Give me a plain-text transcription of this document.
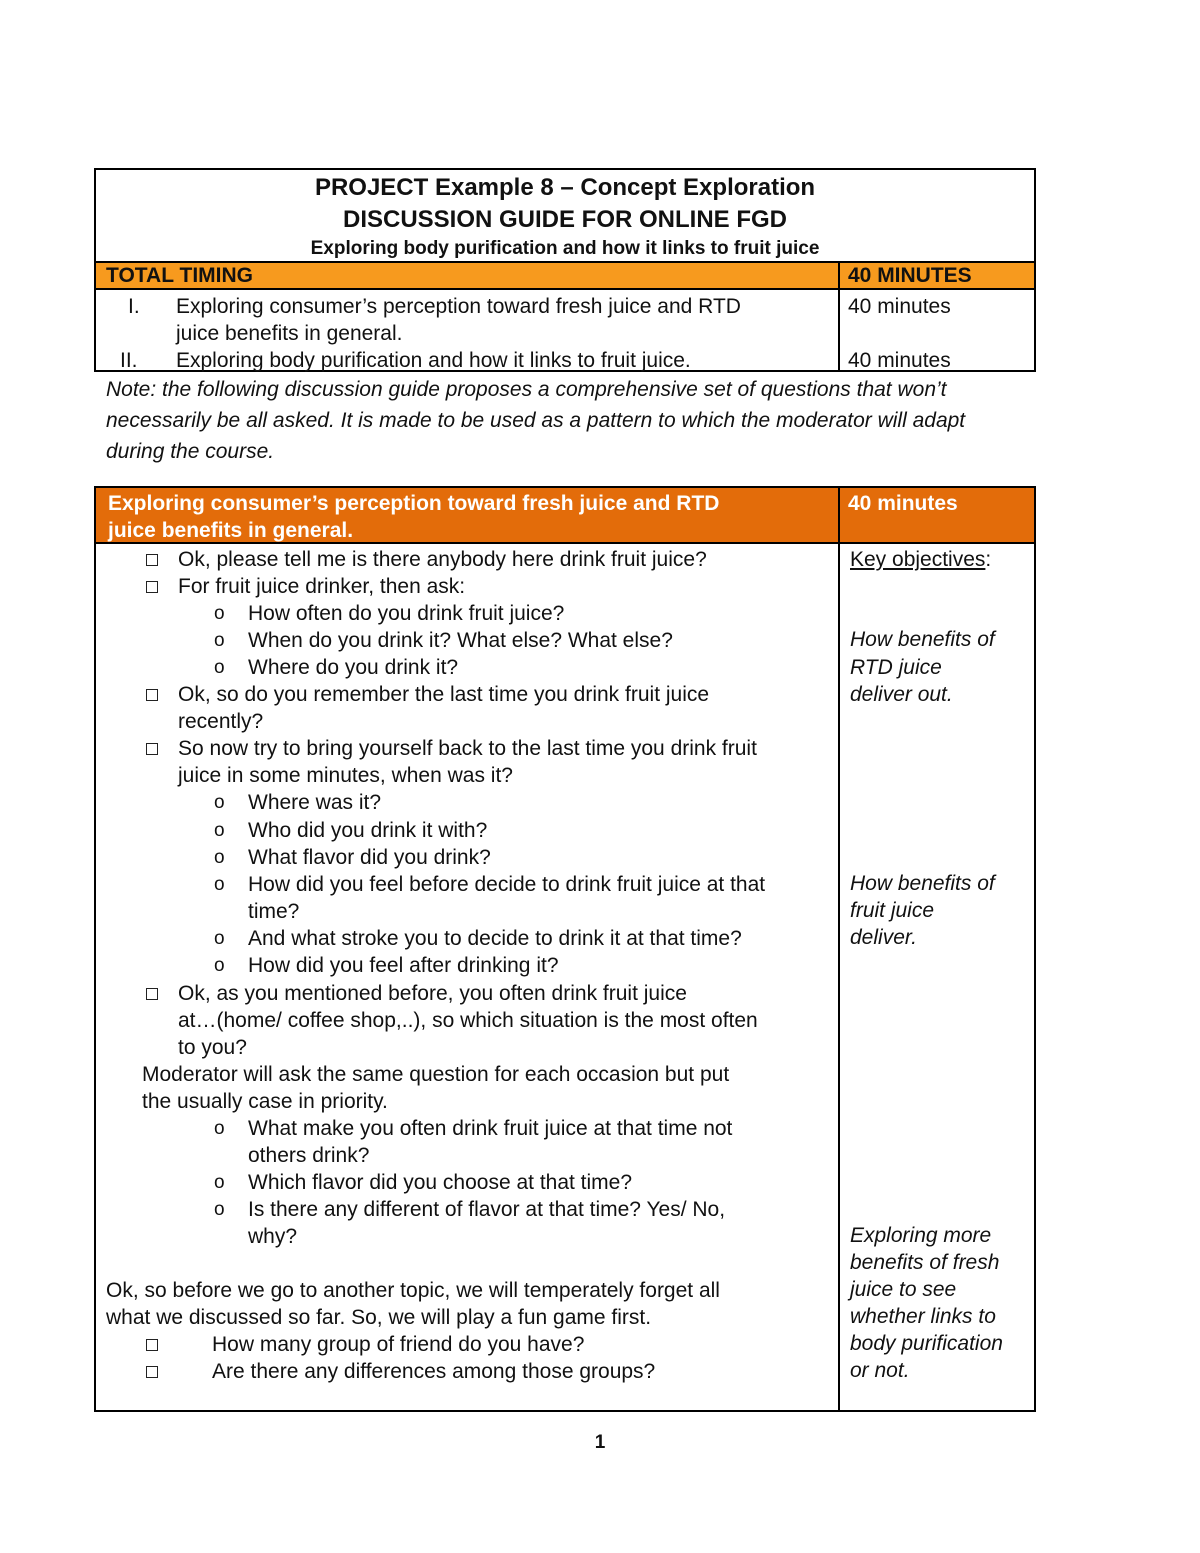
PROJECT Example 8 – Concept Exploration
DISCUSSION GUIDE FOR ONLINE FGD
Exploring body purification and how it links to fruit juice
TOTAL TIMING	40 MINUTES
I. Exploring consumer’s perception toward fresh juice and RTD
juice benefits in general.
40 minutes
II. Exploring body purification and how it links to fruit juice.	40 minutes
Note: the following discussion guide proposes a comprehensive set of questions that won’t
necessarily be all asked. It is made to be used as a pattern to which the moderator will adapt
during the course.
Exploring consumer’s perception toward fresh juice and RTD
juice benefits in general.
40 minutes
Key objectives:
How benefits of
RTD juice
deliver out.
How benefits of
fruit juice
deliver.
Exploring more
benefits of fresh
juice to see
whether links to
body purification
or not.
Ok, please tell me is there anybody here drink fruit juice?
For fruit juice drinker, then ask:
o How often do you drink fruit juice?
o When do you drink it? What else? What else?
o Where do you drink it?
Ok, so do you remember the last time you drink fruit juice
recently?
So now try to bring yourself back to the last time you drink fruit
juice in some minutes, when was it?
o Where was it?
o Who did you drink it with?
o What flavor did you drink?
o How did you feel before decide to drink fruit juice at that
time?
o And what stroke you to decide to drink it at that time?
o How did you feel after drinking it?
Ok, as you mentioned before, you often drink fruit juice
at…(home/ coffee shop,..), so which situation is the most often
to you?
Moderator will ask the same question for each occasion but put
the usually case in priority.
o What make you often drink fruit juice at that time not
others drink?
o Which flavor did you choose at that time?
o Is there any different of flavor at that time? Yes/ No,
why?
Ok, so before we go to another topic, we will temperately forget all
what we discussed so far. So, we will play a fun game first.
How many group of friend do you have?
Are there any differences among those groups?
1
